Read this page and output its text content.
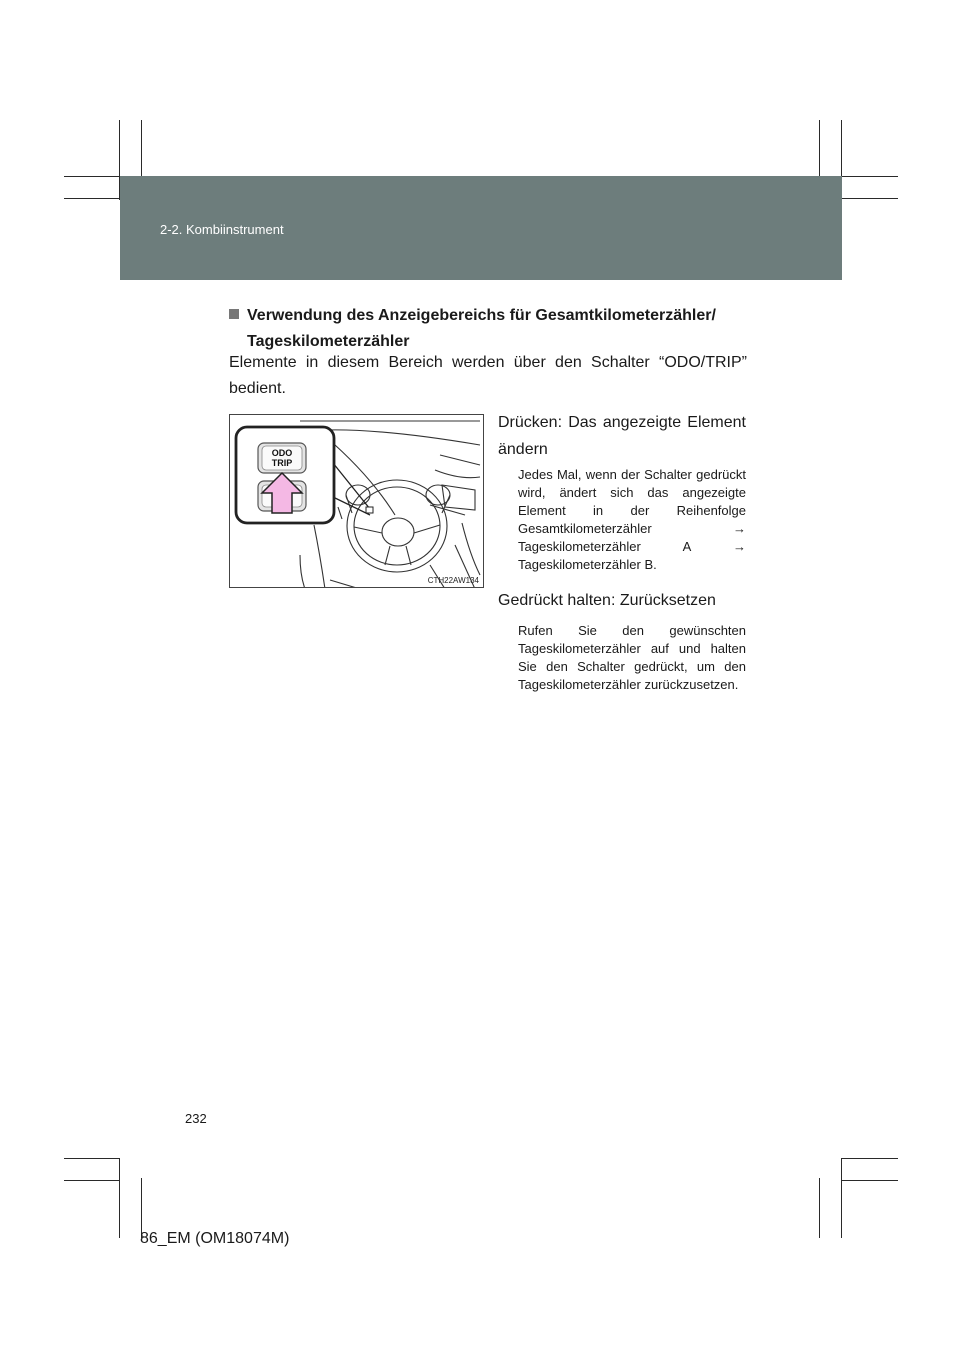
2-2. Kombiinstrument
Verwendung des Anzeigebereichs für Gesamtkilometerzähler/
Tageskilometerzähler
Elemente in diesem Bereich werden über den Schalter “ODO/TRIP” bedient.
ODO
TRIP
CTH22AW134
Drücken: Das angezeigte Element ändern
Jedes Mal, wenn der Schalter gedrückt wird, ändert sich das angezeigte Element in der Reihenfolge Gesamtkilometerzähler → Tageskilometerzähler A → Tageskilometerzähler B.
Gedrückt halten: Zurücksetzen
Rufen Sie den gewünschten Tageskilometerzähler auf und halten Sie den Schalter gedrückt, um den Tageskilometerzähler zurückzusetzen.
232
86_EM (OM18074M)
